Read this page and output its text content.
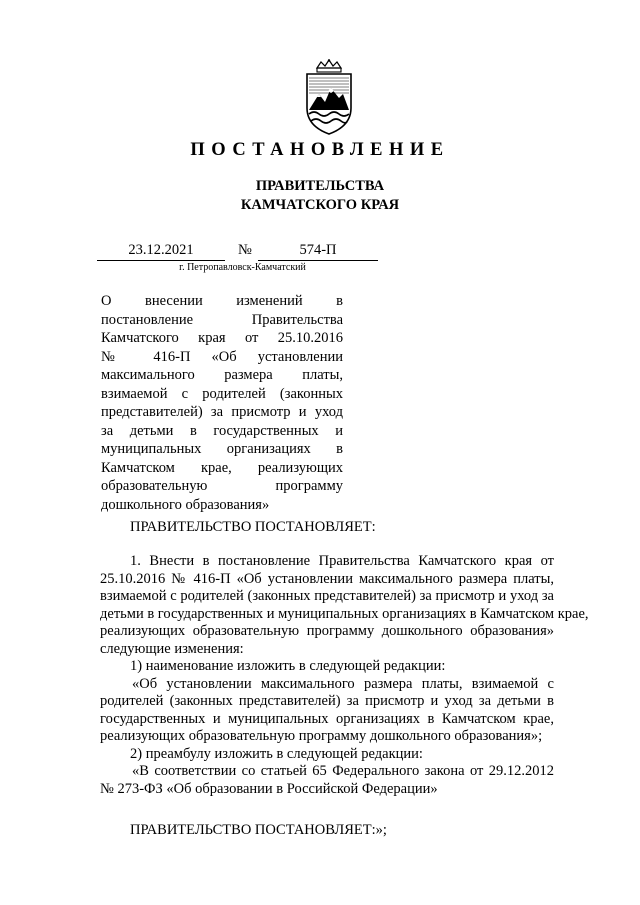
ПОСТАНОВЛЕНИЕ
ПРАВИТЕЛЬСТВА
КАМЧАТСКОГО КРАЯ
23.12.2021	№	574-П
г. Петропавловск-Камчатский
О внесении изменений в
постановление Правительства
Камчатского края от 25.10.2016
№ 416-П «Об установлении
максимального размера платы,
взимаемой с родителей (законных
представителей) за присмотр и уход
за детьми в государственных и
муниципальных организациях в
Камчатском крае, реализующих
образовательную программу
дошкольного образования»
ПРАВИТЕЛЬСТВО ПОСТАНОВЛЯЕТ:
1. Внести в постановление Правительства Камчатского края от
25.10.2016 № 416-П «Об установлении максимального размера платы,
взимаемой с родителей (законных представителей) за присмотр и уход за
детьми в государственных и муниципальных организациях в Камчатском крае,
реализующих образовательную программу дошкольного образования»
следующие изменения:
1) наименование изложить в следующей редакции:
«Об установлении максимального размера платы, взимаемой с
родителей (законных представителей) за присмотр и уход за детьми в
государственных и муниципальных организациях в Камчатском крае,
реализующих образовательную программу дошкольного образования»;
2) преамбулу изложить в следующей редакции:
«В соответствии со статьей 65 Федерального закона от 29.12.2012
№ 273-ФЗ «Об образовании в Российской Федерации»
ПРАВИТЕЛЬСТВО ПОСТАНОВЛЯЕТ:»;
